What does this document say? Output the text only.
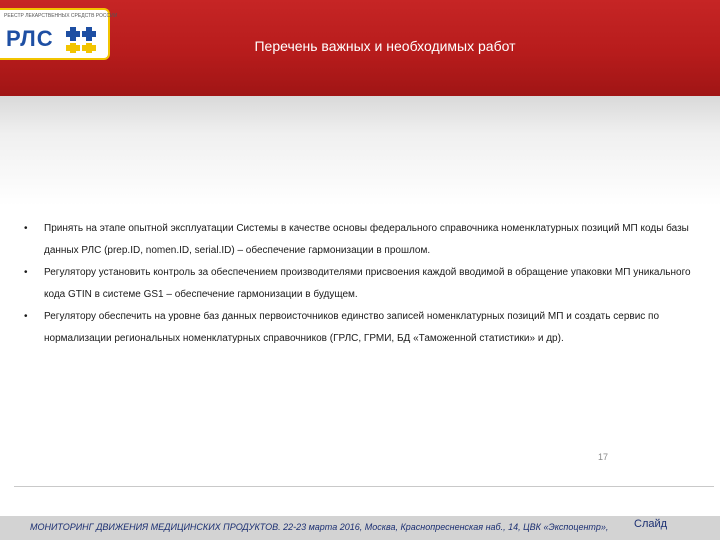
РЕЕСТР ЛЕКАРСТВЕННЫХ СРЕДСТВ РОССИИ
РЛС	Перечень важных и необходимых работ
• Принять на этапе опытной эксплуатации Системы в качестве основы федерального справочника номенклатурных позиций МП коды базы данных РЛС (prep.ID, nomen.ID, serial.ID) – обеспечение гармонизации в прошлом.
• Регулятору установить контроль за обеспечением производителями присвоения каждой вводимой в обращение упаковки МП уникального кода GTIN в системе GS1 – обеспечение гармонизации в будущем.
• Регулятору обеспечить на уровне баз данных первоисточников единство записей номенклатурных позиций МП и создать сервис по нормализации региональных номенклатурных справочников (ГРЛС, ГРМИ, БД «Таможенной статистики» и др).
17
МОНИТОРИНГ ДВИЖЕНИЯ МЕДИЦИНСКИХ ПРОДУКТОВ. 22-23 марта 2016, Москва, Краснопресненская наб., 14, ЦВК «Экспоцентр», Слайд
